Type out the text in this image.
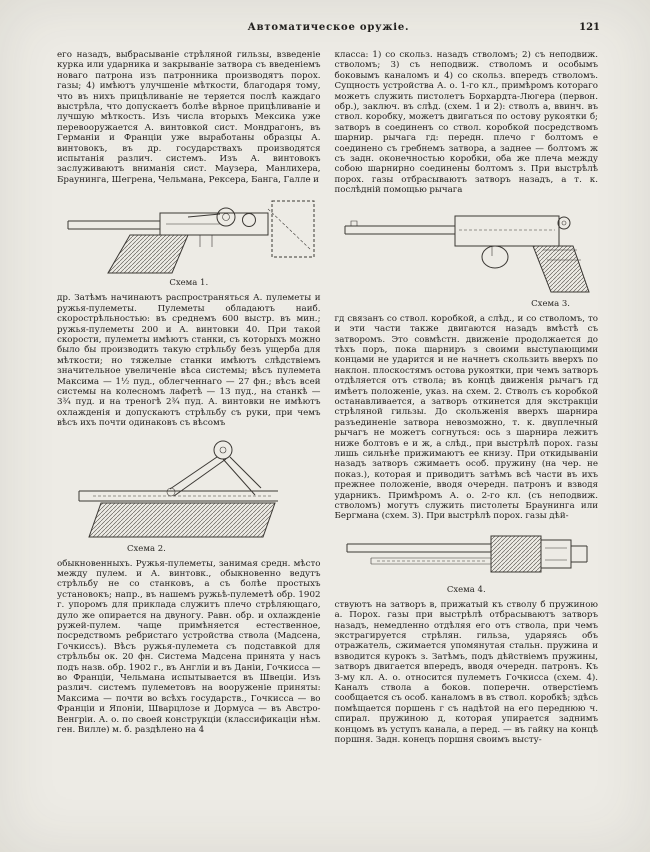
Автоматическое оружіе.	121

его назадъ, выбрасываніе стрѣляной гильзы, взведеніе курка или ударника и закрываніе затвора съ введеніемъ новаго патрона изъ патронника производятъ порох. газы; 4) имѣютъ улучшеніе мѣткости, благодаря тому, что въ нихъ прицѣливаніе не теряется послѣ каждаго выстрѣла, что допускаетъ болѣе вѣрное прицѣливаніе и лучшую мѣткость. Изъ числа вторыхъ Мексика уже перевооружается А. винтовкой сист. Мондрагонъ, въ Германіи и Франціи уже выработаны образцы А. винтовокъ, въ др. государствахъ производятся испытанія различ. системъ. Изъ А. винтовокъ заслуживаютъ вниманія сист. Маузера, Манлихера, Браунинга, Шегрена, Чельмана, Рексера, Банга, Галле и

Схема 1.

др. Затѣмъ начинаютъ распространяться А. пулеметы и ружья-пулеметы. Пулеметы обладаютъ наиб. скорострѣльностью: въ среднемъ 600 выстр. въ мин.; ружья-пулеметы 200 и А. винтовки 40. При такой скорости, пулеметы имѣютъ станки, съ которыхъ можно было бы производить такую стрѣльбу безъ ущерба для мѣткости; но тяжелые станки имѣютъ слѣдствіемъ значительное увеличеніе вѣса системы; вѣсъ пулемета Максима — 1½ пуд., облегченнаго — 27 фн.; вѣсъ всей системы на колесномъ лафетѣ — 13 пуд., на станкѣ — 3¾ пуд. и на треногѣ 2¾ пуд. А. винтовки не имѣютъ охлажденія и допускаютъ стрѣльбу съ руки, при чемъ вѣсъ ихъ почти одинаковъ съ вѣсомъ

Схема 2.

обыкновенныхъ. Ружья-пулеметы, занимая средн. мѣсто между пулем. и А. винтовк., обыкновенно ведутъ стрѣльбу не со станковъ, а съ болѣе простыхъ установокъ; напр., въ нашемъ ружьѣ-пулеметѣ обр. 1902 г. упоромъ для приклада служитъ плечо стрѣляющаго, дуло же опирается на двуногу. Равн. обр. и охлажденіе ружей-пулем. чаще примѣняется естественное, посредствомъ ребристаго устройства ствола (Мадсена, Гочкиссъ). Вѣсъ ружья-пулемета съ подставкой для стрѣльбы ок. 20 фн. Система Мадсена принята у насъ подъ назв. обр. 1902 г., въ Англіи и въ Даніи, Гочкисса — во Франціи, Чельмана испытывается въ Швеціи. Изъ различ. системъ пулеметовъ на вооруженіе приняты: Максима — почти во всѣхъ государств., Гочкисса — во Франціи и Японіи, Шварцлозе и Дормуса — въ Австро-Венгріи. А. о. по своей конструкціи (классификаціи нѣм. ген. Вилле) м. б. раздѣлено на 4

класса: 1) со скольз. назадъ стволомъ; 2) съ неподвиж. стволомъ; 3) съ неподвиж. стволомъ и особымъ боковымъ каналомъ и 4) со скольз. впередъ стволомъ. Сущность устройства А. о. 1-го кл., примѣромъ котораго можетъ служить пистолетъ Борхардта-Люгера (первон. обр.), заключ. въ слѣд. (схем. 1 и 2): стволъ а, ввинч. въ ствол. коробку, можетъ двигаться по остову рукоятки б; затворъ в соединенъ со ствол. коробкой посредствомъ шарнир. рычага гд: передн. плечо г болтомъ е соединено съ гребнемъ затвора, а заднее — болтомъ ж съ задн. оконечностью коробки, оба же плеча между собою шарнирно соединены болтомъ з. При выстрѣлѣ порох. газы отбрасываютъ затворъ назадъ, а т. к. послѣдній помощью рычага

Схема 3.

гд связанъ со ствол. коробкой, а слѣд., и со стволомъ, то и эти части также двигаются назадъ вмѣстѣ съ затворомъ. Это совмѣстн. движеніе продолжается до тѣхъ поръ, пока шарниръ з своими выступающими концами не ударится и не начнетъ скользить вверхъ по наклон. плоскостямъ остова рукоятки, при чемъ затворъ отдѣляется отъ ствола; въ концѣ движенія рычагъ гд имѣетъ положеніе, указ. на схем. 2. Стволъ съ коробкой останавливается, а затворъ откинется для экстракціи стрѣляной гильзы. До скольженія вверхъ шарнира разъединеніе затвора невозможно, т. к. двуплечный рычагъ не можетъ согнуться: ось з шарнира лежитъ ниже болтовъ е и ж, а слѣд., при выстрѣлѣ порох. газы лишь сильнѣе прижимаютъ ее книзу. При откидываніи назадъ затворъ сжимаетъ особ. пружину (на чер. не показ.), которая и приводитъ затѣмъ всѣ части въ ихъ прежнее положеніе, вводя очередн. патронъ и взводя ударникъ. Примѣромъ А. о. 2-го кл. (съ неподвиж. стволомъ) могутъ служить пистолеты Браунинга или Бергмана (схем. 3). При выстрѣлѣ порох. газы дѣй-

Схема 4.

ствуютъ на затворъ в, прижатый къ стволу б пружиною а. Порох. газы при выстрѣлѣ отбрасываютъ затворъ назадъ, немедленно отдѣляя его отъ ствола, при чемъ экстрагируется стрѣлян. гильза, ударяясь объ отражатель, сжимается упомянутая стальн. пружина и взводится курокъ з. Затѣмъ, подъ дѣйствіемъ пружины, затворъ двигается впередъ, вводя очередн. патронъ. Къ 3-му кл. А. о. относится пулеметъ Гочкисса (схем. 4). Каналъ ствола а боков. поперечн. отверстіемъ сообщается съ особ. каналомъ в въ ствол. коробкѣ; здѣсь помѣщается поршень г съ надѣтой на его переднюю ч. спирал. пружиною д, которая упирается заднимъ концомъ въ уступъ канала, а перед. — въ гайку на концѣ поршня. Задн. конецъ поршня своимъ высту-
